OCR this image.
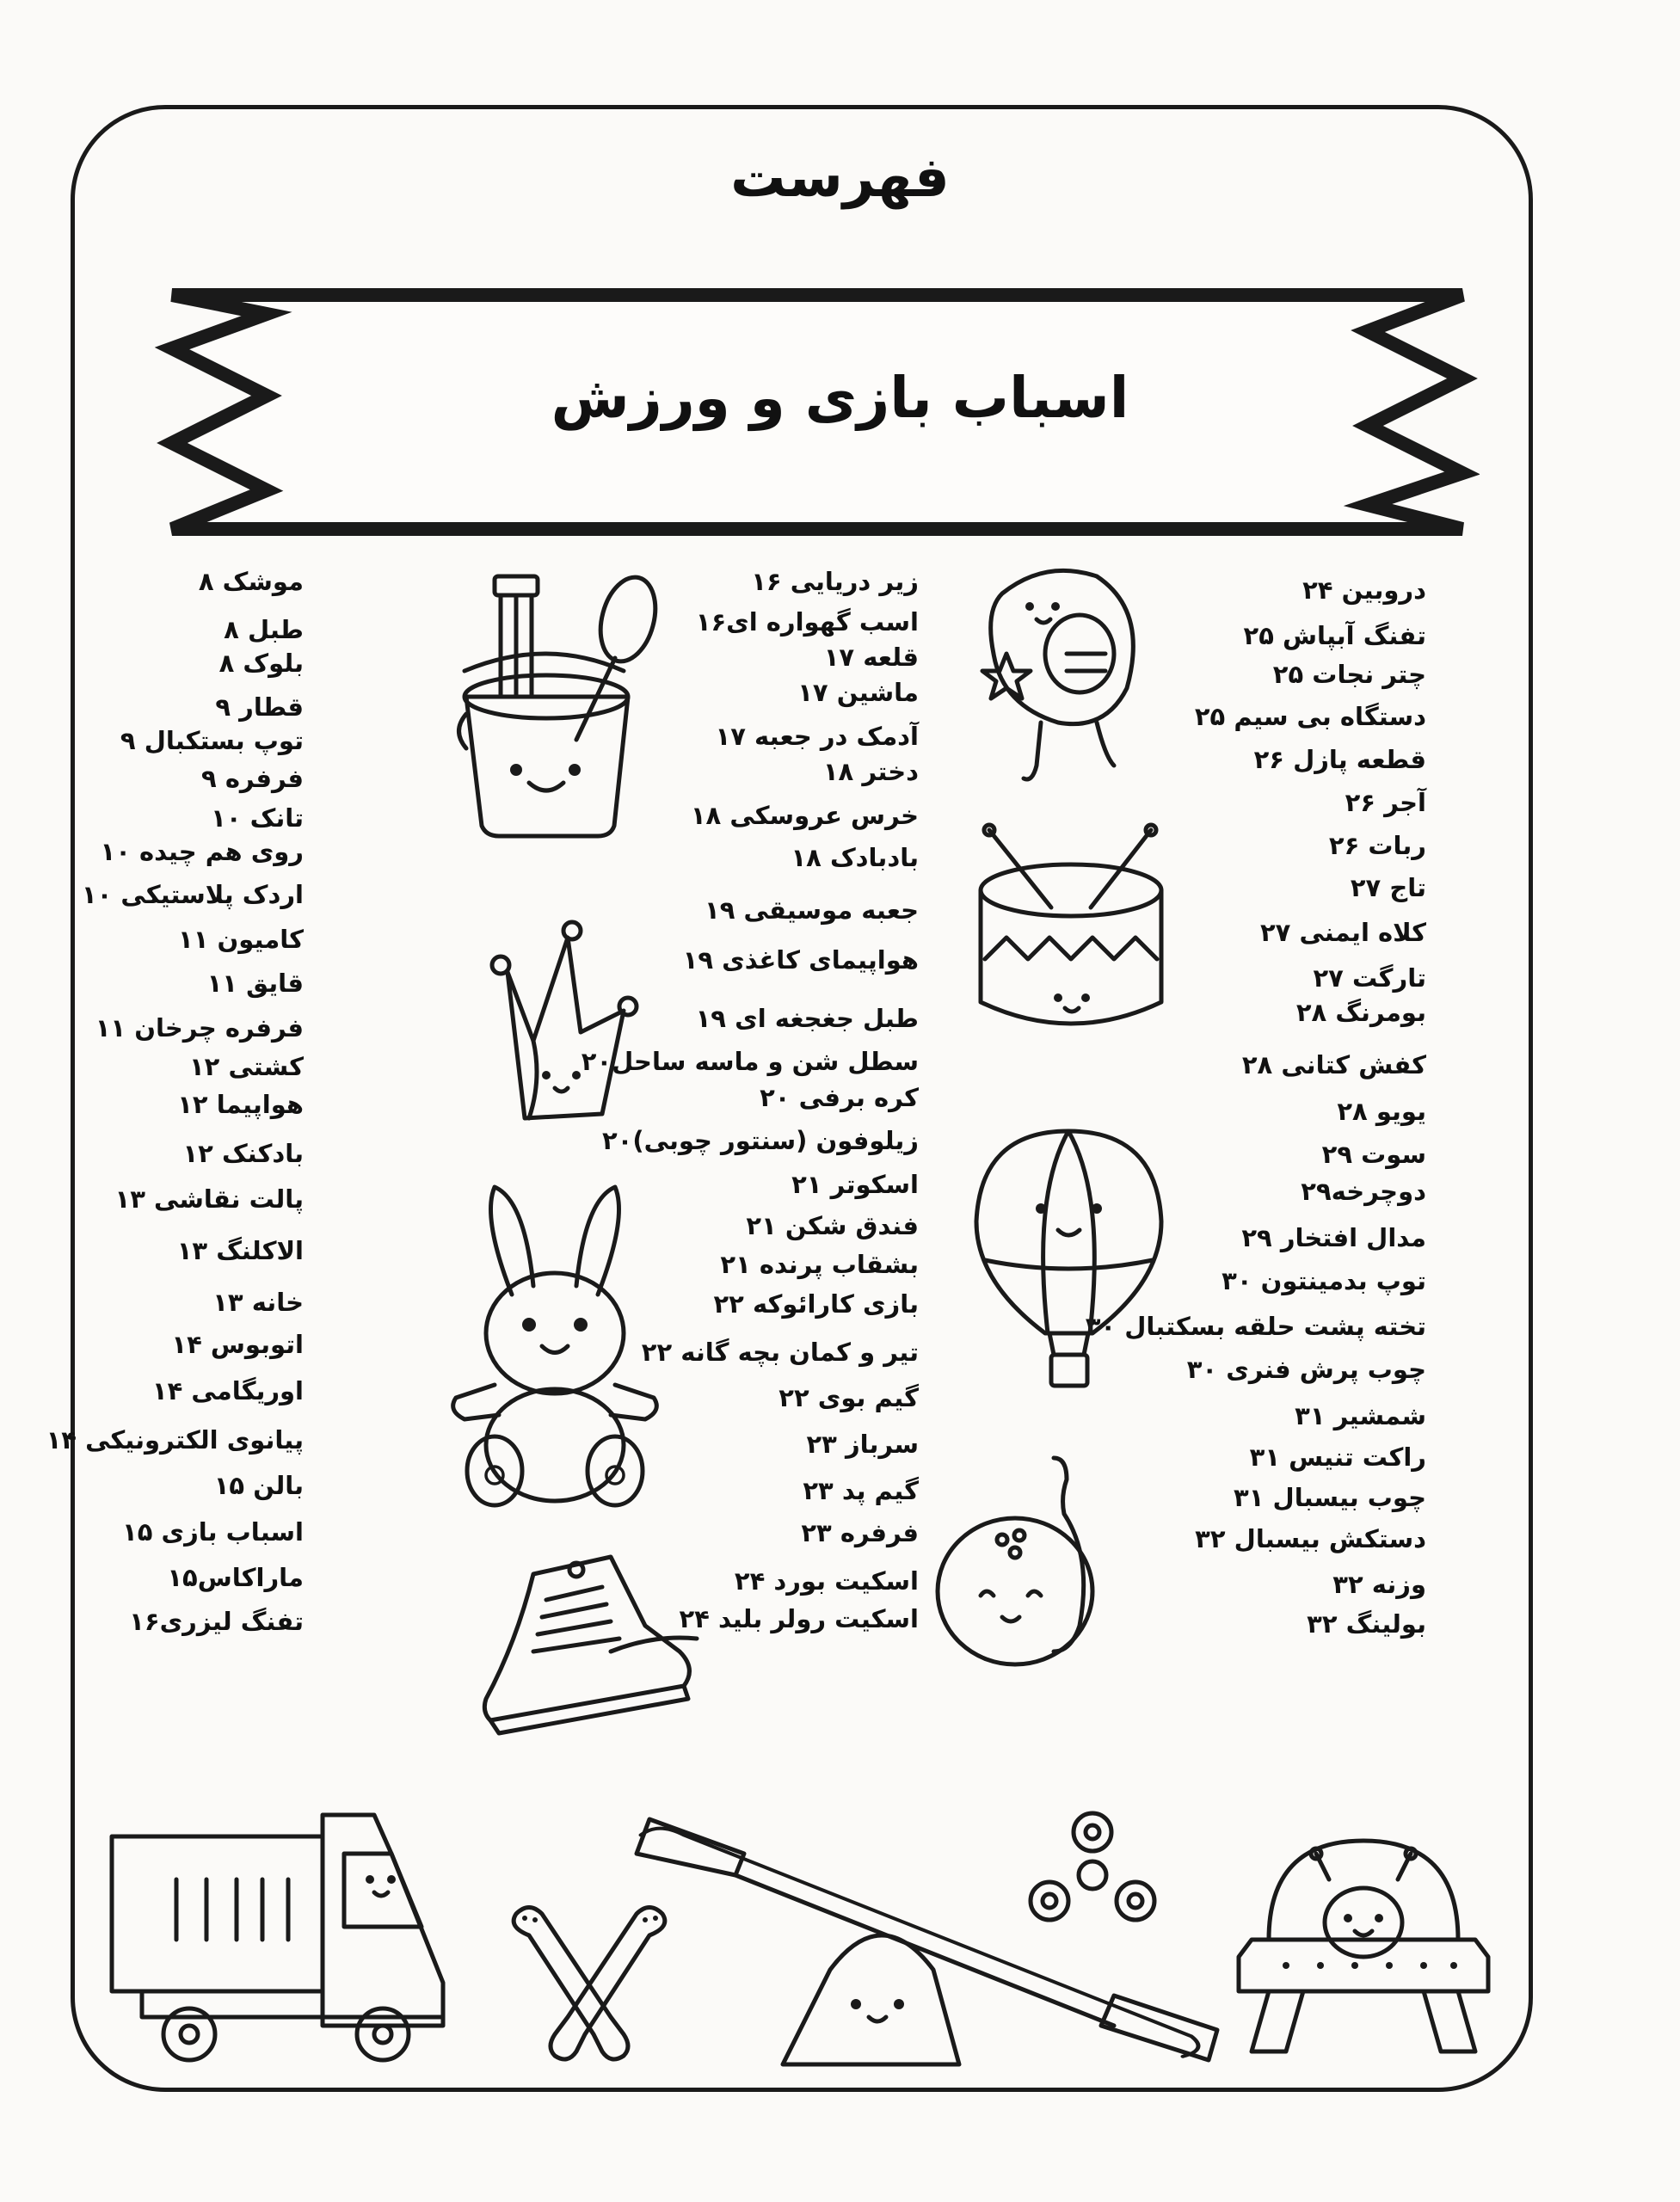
فهرست
اسباب بازی و ورزش
موشک ۸
طبل ۸
بلوک ۸
قطار ۹
توپ بستکبال ۹
فرفره ۹
تانک ۱۰
روی هم چیده ۱۰
اردک پلاستیکی ۱۰
کامیون ۱۱
قایق ۱۱
فرفره چرخان ۱۱
کشتی ۱۲
هواپیما ۱۲
بادکنک ۱۲
پالت نقاشی ۱۳
الاکلنگ ۱۳
خانه ۱۳
اتوبوس ۱۴
اوریگامی ۱۴
پیانوی الکترونیکی ۱۴
بالن ۱۵
اسباب بازی ۱۵
ماراکاس۱۵
تفنگ لیزری۱۶
زیر دریایی ۱۶
اسب گهواره ای۱۶
قلعه ۱۷
ماشین ۱۷
آدمک در جعبه ۱۷
دختر ۱۸
خرس عروسکی ۱۸
بادبادک ۱۸
جعبه موسیقی ۱۹
هواپیمای کاغذی ۱۹
طبل جغجغه ای ۱۹
سطل شن و ماسه ساحل۲۰
کره برفی ۲۰
زیلوفون (سنتور چوبی)۲۰
اسکوتر ۲۱
فندق شکن ۲۱
بشقاب پرنده ۲۱
بازی کارائوکه ۲۲
تیر و کمان بچه گانه ۲۲
گیم بوی ۲۲
سرباز ۲۳
گیم پد ۲۳
فرفره ۲۳
اسکیت بورد ۲۴
اسکیت رولر بلید ۲۴
دروبین ۲۴
تفنگ آبپاش ۲۵
چتر نجات ۲۵
دستگاه بی سیم ۲۵
قطعه پازل ۲۶
آجر ۲۶
ربات ۲۶
تاج ۲۷
کلاه ایمنی ۲۷
تارگت ۲۷
بومرنگ ۲۸
کفش کتانی ۲۸
یویو ۲۸
سوت ۲۹
دوچرخه۲۹
مدال افتخار ۲۹
توپ بدمینتون ۳۰
تخته پشت حلقه بسکتبال ۳۰
چوب پرش فنری ۳۰
شمشیر ۳۱
راکت تنیس ۳۱
چوب بیسبال ۳۱
دستکش بیسبال ۳۲
وزنه ۳۲
بولینگ ۳۲
